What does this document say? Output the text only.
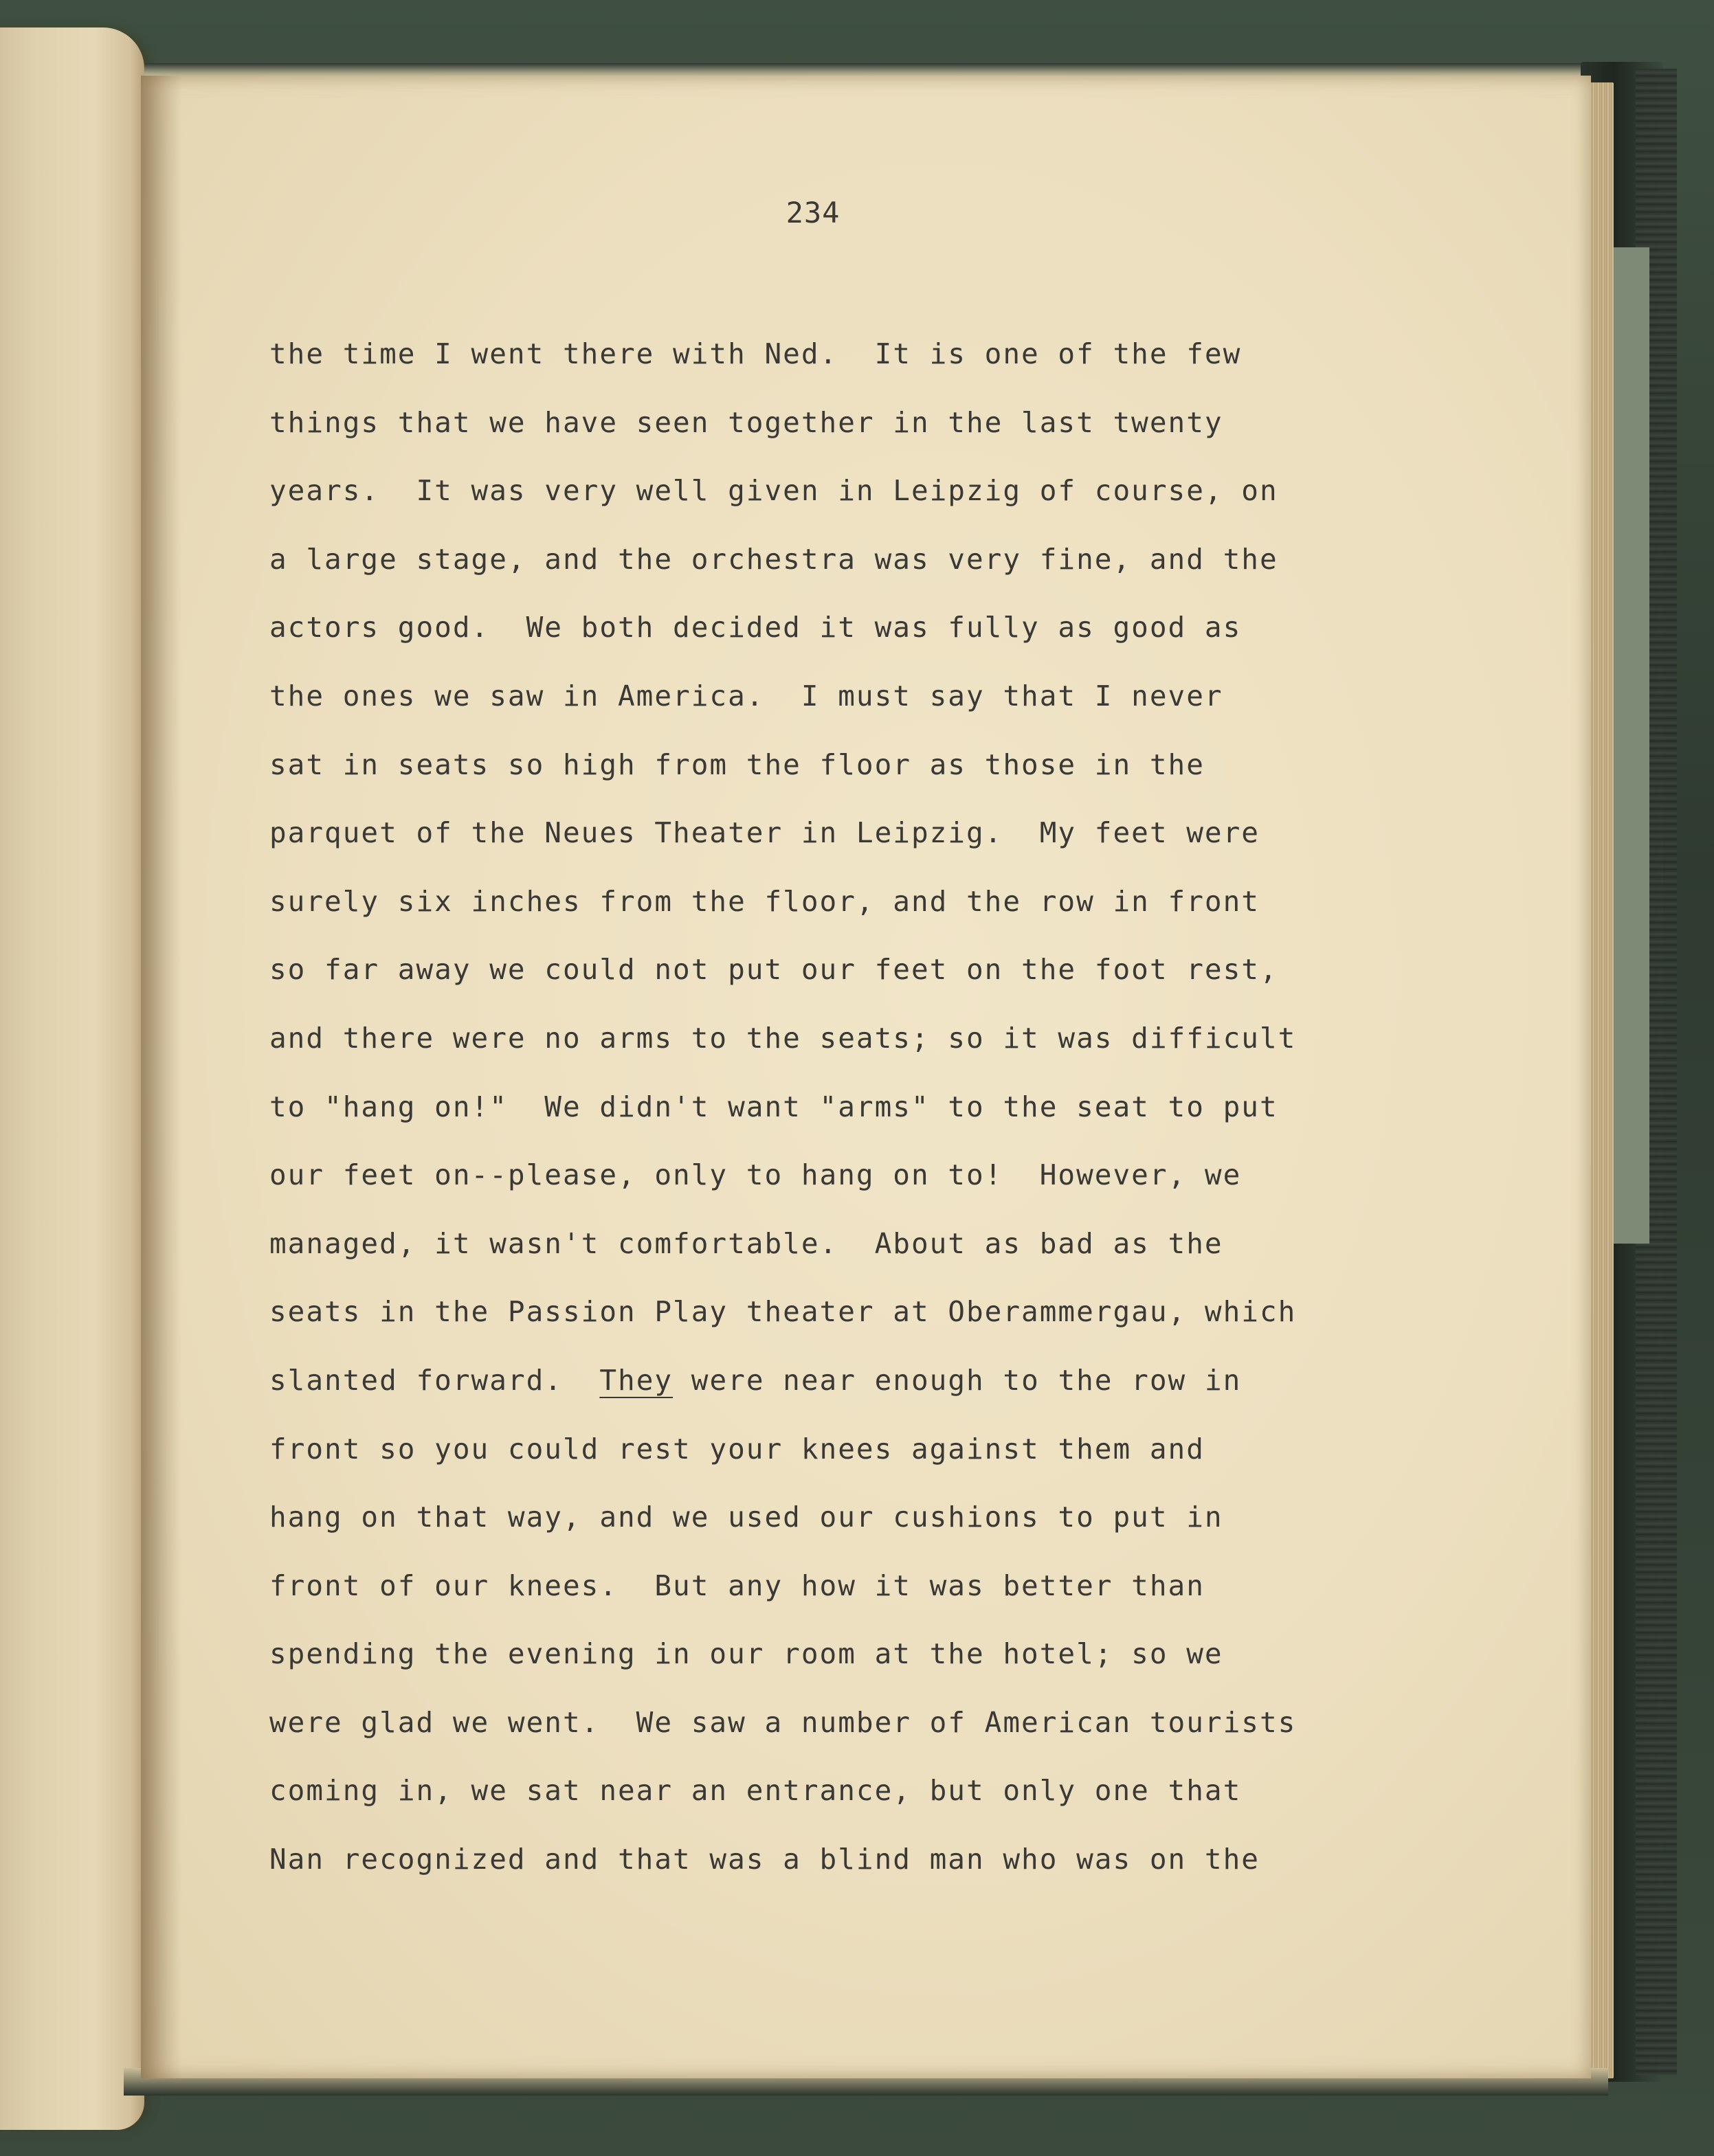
234
the time I went there with Ned.  It is one of the few
things that we have seen together in the last twenty
years.  It was very well given in Leipzig of course, on
a large stage, and the orchestra was very fine, and the
actors good.  We both decided it was fully as good as
the ones we saw in America.  I must say that I never
sat in seats so high from the floor as those in the
parquet of the Neues Theater in Leipzig.  My feet were
surely six inches from the floor, and the row in front
so far away we could not put our feet on the foot rest,
and there were no arms to the seats; so it was difficult
to "hang on!"  We didn't want "arms" to the seat to put
our feet on--please, only to hang on to!  However, we
managed, it wasn't comfortable.  About as bad as the
seats in the Passion Play theater at Oberammergau, which
slanted forward.  They were near enough to the row in
front so you could rest your knees against them and
hang on that way, and we used our cushions to put in
front of our knees.  But any how it was better than
spending the evening in our room at the hotel; so we
were glad we went.  We saw a number of American tourists
coming in, we sat near an entrance, but only one that
Nan recognized and that was a blind man who was on the
